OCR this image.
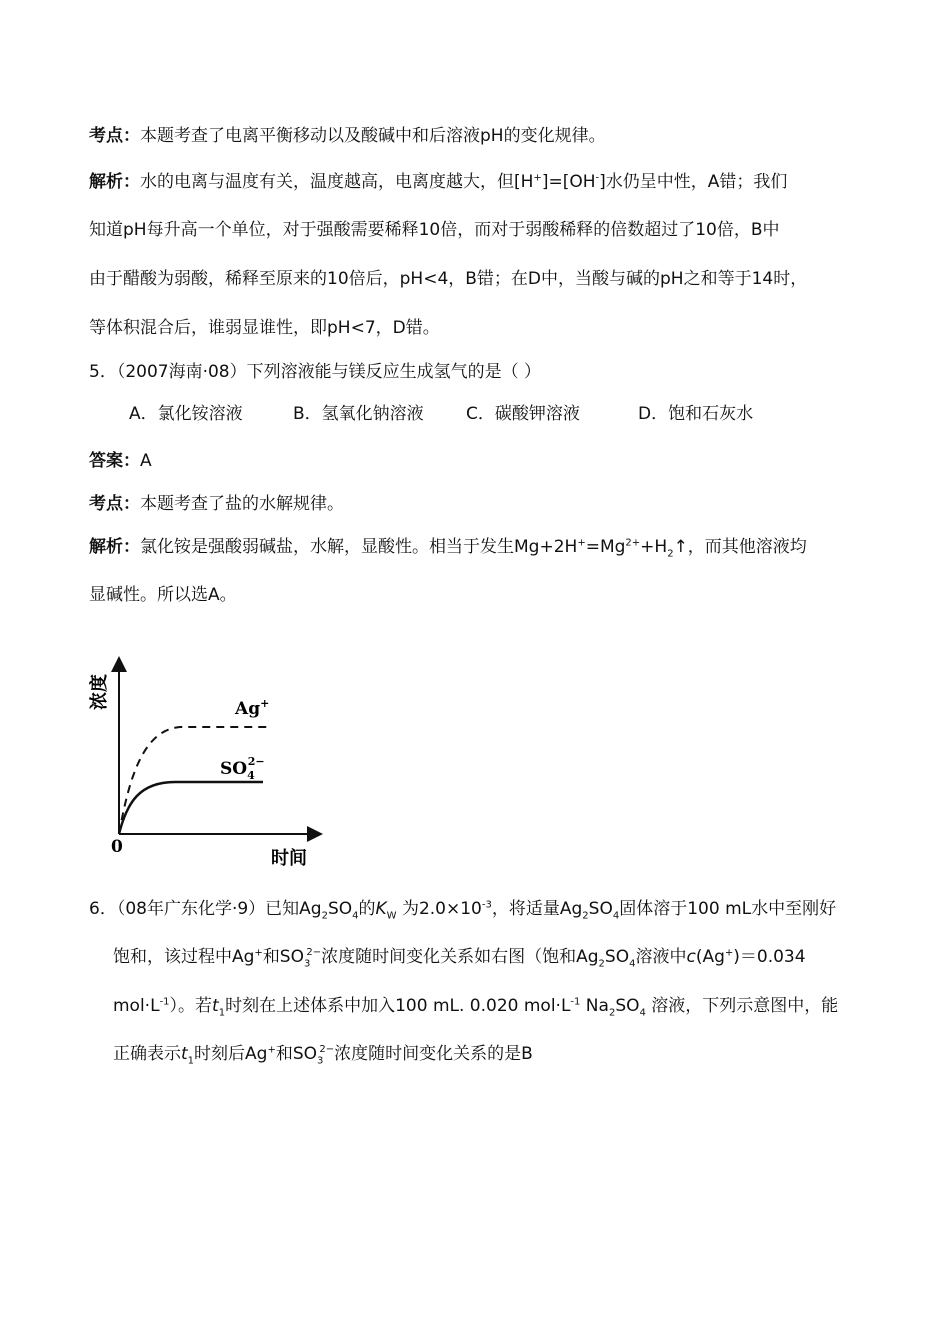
考点：本题考查了电离平衡移动以及酸碱中和后溶液pH的变化规律。
解析：水的电离与温度有关，温度越高，电离度越大，但[H+]=[OH-]水仍呈中性，A错；我们
知道pH每升高一个单位，对于强酸需要稀释10倍，而对于弱酸稀释的倍数超过了10倍，B中
由于醋酸为弱酸，稀释至原来的10倍后，pH<4，B错；在D中，当酸与碱的pH之和等于14时，
等体积混合后，谁弱显谁性，即pH<7，D错。
5．（2007海南·08）下列溶液能与镁反应生成氢气的是（ ）
A．氯化铵溶液	B．氢氧化钠溶液 C．碳酸钾溶液	D．饱和石灰水
答案：A
考点：本题考查了盐的水解规律。
解析：氯化铵是强酸弱碱盐，水解，显酸性。相当于发生$Mg+2H^+=Mg^{2+}+H_2↑$，而其他溶液均
显碱性。所以选A。
浓度
0
时间
Ag+
$SO_42-$
6．（08年广东化学·9）已知$Ag_2SO_4$的$K_W$ 为$2.0\times 10^{-3}$，将适量$Ag_2SO_4$固体溶于100 mL水中至刚好
饱和，该过程中Ag+和$SO_3^{2-}$浓度随时间变化关系如右图（饱和$Ag_2SO_4$溶液中c(Ag+)＝0.034
$mol\cdot L^{-1}$）。若$t_1$时刻在上述体系中加入100 mL. 0.020 $mol\cdot L^{-1}$ $Na_2SO_4$ 溶液，下列示意图中，能
正确表示$t_1$时刻后Ag+和$SO_3^{2-}$浓度随时间变化关系的是B
